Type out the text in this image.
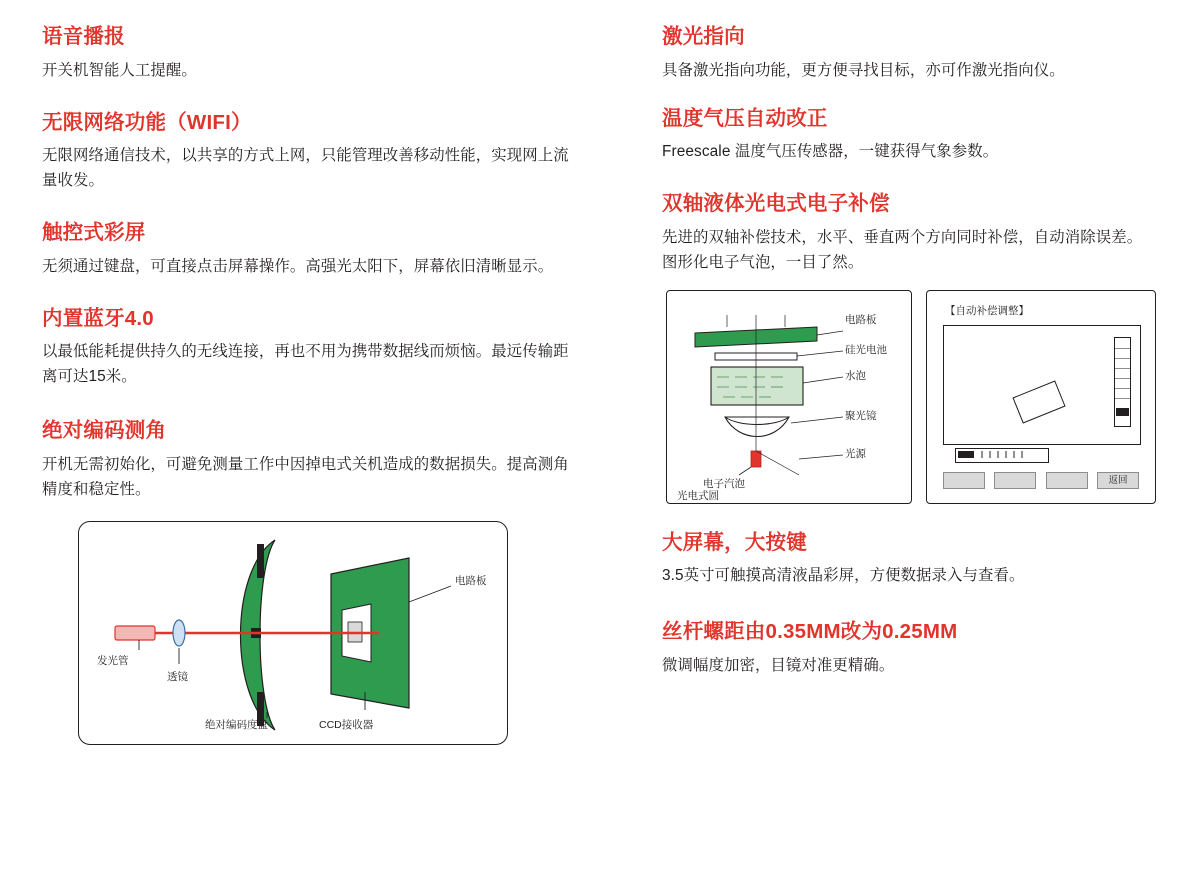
语音播报

开关机智能人工提醒。

无限网络功能（WIFI）

无限网络通信技术，以共享的方式上网，只能管理改善移动性能，实现网上流量收发。

触控式彩屏

无须通过键盘，可直接点击屏幕操作。高强光太阳下，屏幕依旧清晰显示。

内置蓝牙4.0

以最低能耗提供持久的无线连接，再也不用为携带数据线而烦恼。最远传输距离可达15米。

绝对编码测角

开机无需初始化，可避免测量工作中因掉电式关机造成的数据损失。提高测角精度和稳定性。

电路板
发光管
透镜
绝对编码度盘	CCD接收器

激光指向

具备激光指向功能，更方便寻找目标，亦可作激光指向仪。

温度气压自动改正

Freescale 温度气压传感器，一键获得气象参数。

双轴液体光电式电子补偿

先进的双轴补偿技术，水平、垂直两个方向同时补偿，自动消除误差。图形化电子气泡，一目了然。

电路板
硅光电池
水泡
聚光镜
光源
电子汽泡
光电式圆
【自动补偿调整】
返回

大屏幕，大按键

3.5英寸可触摸高清液晶彩屏，方便数据录入与查看。

丝杆螺距由0.35MM改为0.25MM

微调幅度加密，目镜对准更精确。
